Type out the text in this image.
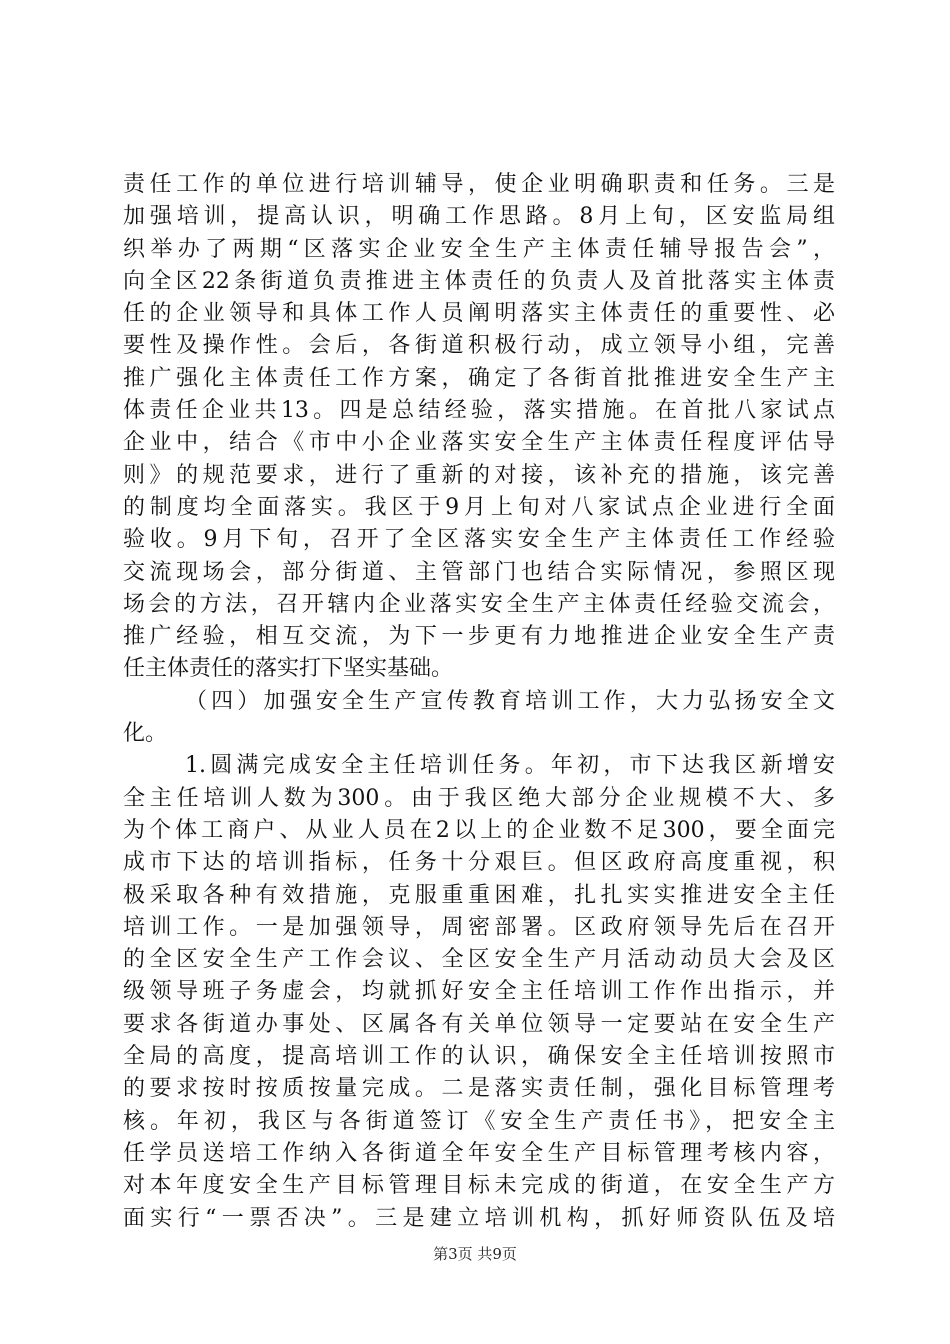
责任工作的单位进行培训辅导，使企业明确职责和任务。三是
加强培训，提高认识，明确工作思路。8月上旬，区安监局组
织举办了两期“区落实企业安全生产主体责任辅导报告会”，
向全区22条街道负责推进主体责任的负责人及首批落实主体责
任的企业领导和具体工作人员阐明落实主体责任的重要性、必
要性及操作性。会后，各街道积极行动，成立领导小组，完善
推广强化主体责任工作方案，确定了各街首批推进安全生产主
体责任企业共13。四是总结经验，落实措施。在首批八家试点
企业中，结合《市中小企业落实安全生产主体责任程度评估导
则》的规范要求，进行了重新的对接，该补充的措施，该完善
的制度均全面落实。我区于9月上旬对八家试点企业进行全面
验收。9月下旬，召开了全区落实安全生产主体责任工作经验
交流现场会，部分街道、主管部门也结合实际情况，参照区现
场会的方法，召开辖内企业落实安全生产主体责任经验交流会，
推广经验，相互交流，为下一步更有力地推进企业安全生产责
任主体责任的落实打下坚实基础。
（四）加强安全生产宣传教育培训工作，大力弘扬安全文
化。
1.圆满完成安全主任培训任务。年初，市下达我区新增安
全主任培训人数为300。由于我区绝大部分企业规模不大、多
为个体工商户、从业人员在2以上的企业数不足300，要全面完
成市下达的培训指标，任务十分艰巨。但区政府高度重视，积
极采取各种有效措施，克服重重困难，扎扎实实推进安全主任
培训工作。一是加强领导，周密部署。区政府领导先后在召开
的全区安全生产工作会议、全区安全生产月活动动员大会及区
级领导班子务虚会，均就抓好安全主任培训工作作出指示，并
要求各街道办事处、区属各有关单位领导一定要站在安全生产
全局的高度，提高培训工作的认识，确保安全主任培训按照市
的要求按时按质按量完成。二是落实责任制，强化目标管理考
核。年初，我区与各街道签订《安全生产责任书》，把安全主
任学员送培工作纳入各街道全年安全生产目标管理考核内容，
对本年度安全生产目标管理目标未完成的街道，在安全生产方
面实行“一票否决”。三是建立培训机构，抓好师资队伍及培
第3页 共9页
